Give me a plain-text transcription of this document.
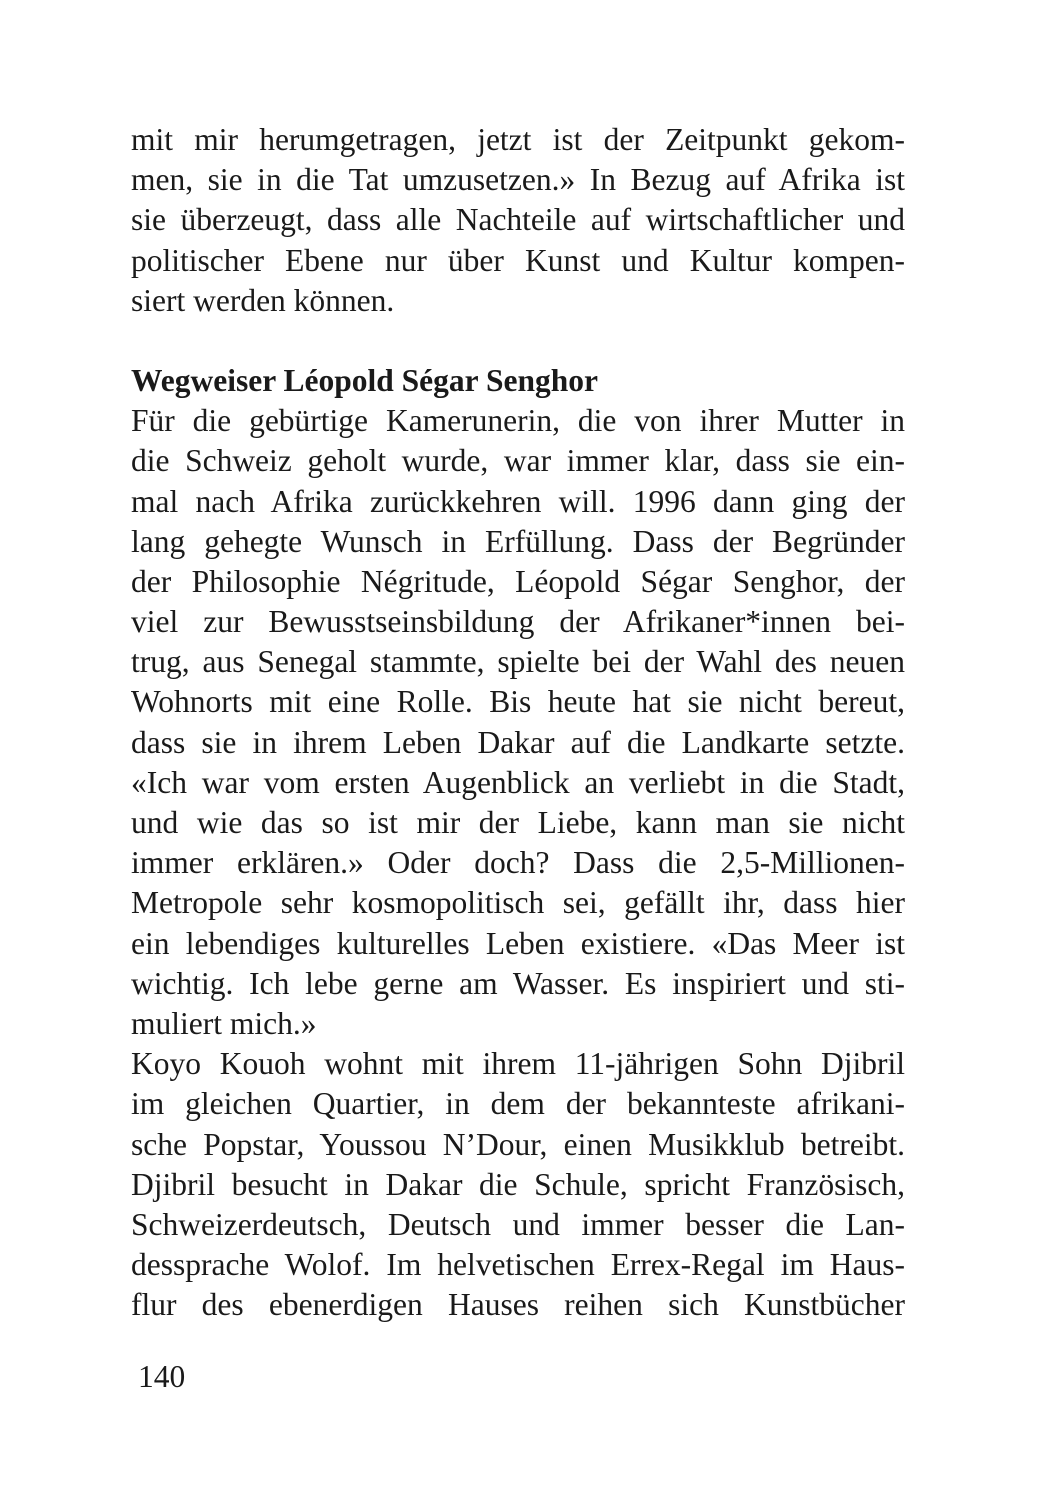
mit mir herumgetragen, jetzt ist der Zeitpunkt gekom-
men, sie in die Tat umzusetzen.» In Bezug auf Afrika ist
sie überzeugt, dass alle Nachteile auf wirtschaftlicher und
politischer Ebene nur über Kunst und Kultur kompen-
siert werden können.
Wegweiser Léopold Ségar Senghor
Für die gebürtige Kamerunerin, die von ihrer Mutter in
die Schweiz geholt wurde, war immer klar, dass sie ein-
mal nach Afrika zurückkehren will. 1996 dann ging der
lang gehegte Wunsch in Erfüllung. Dass der Begründer
der Philosophie Négritude, Léopold Ségar Senghor, der
viel zur Bewusstseinsbildung der Afrikaner*innen bei-
trug, aus Senegal stammte, spielte bei der Wahl des neuen
Wohnorts mit eine Rolle. Bis heute hat sie nicht bereut,
dass sie in ihrem Leben Dakar auf die Landkarte setzte.
«Ich war vom ersten Augenblick an verliebt in die Stadt,
und wie das so ist mir der Liebe, kann man sie nicht
immer erklären.» Oder doch? Dass die 2,5-Millionen-
Metropole sehr kosmopolitisch sei, gefällt ihr, dass hier
ein lebendiges kulturelles Leben existiere. «Das Meer ist
wichtig. Ich lebe gerne am Wasser. Es inspiriert und sti-
muliert mich.»
Koyo Kouoh wohnt mit ihrem 11-jährigen Sohn Djibril
im gleichen Quartier, in dem der bekannteste afrikani-
sche Popstar, Youssou N’Dour, einen Musikklub betreibt.
Djibril besucht in Dakar die Schule, spricht Französisch,
Schweizerdeutsch, Deutsch und immer besser die Lan-
dessprache Wolof. Im helvetischen Errex-Regal im Haus-
flur des ebenerdigen Hauses reihen sich Kunstbücher
140
